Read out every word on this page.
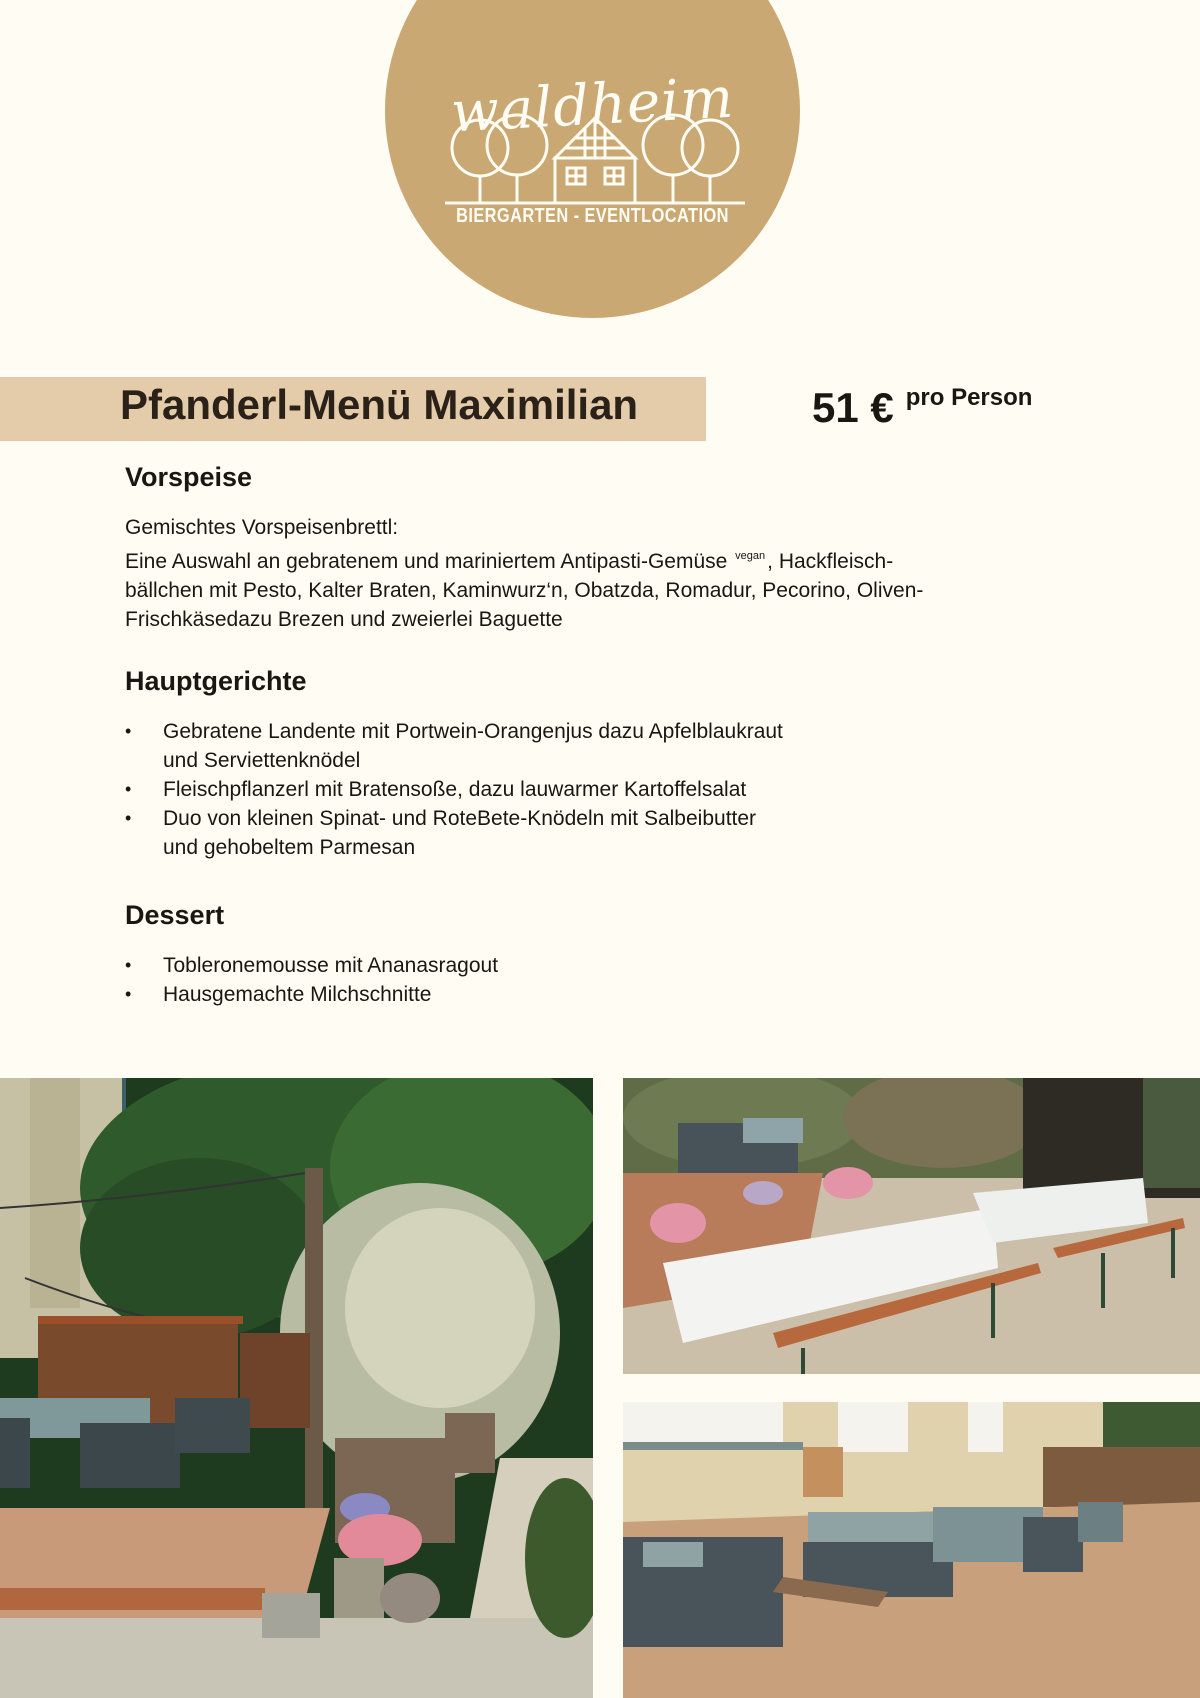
waldheim
BIERGARTEN - EVENTLOCATION
Pfanderl-Menü Maximilian	51 € pro Person
Vorspeise
Gemischtes Vorspeisenbrettl:
Eine Auswahl an gebratenem und mariniertem Antipasti-Gemüse $^{vegan}$, Hackfleisch-
bällchen mit Pesto, Kalter Braten, Kaminwurz‘n, Obatzda, Romadur, Pecorino, Oliven-
Frischkäsedazu Brezen und zweierlei Baguette
Hauptgerichte
• Gebratene Landente mit Portwein-Orangenjus dazu Apfelblaukraut
und Serviettenknödel
• Fleischpflanzerl mit Bratensoße, dazu lauwarmer Kartoffelsalat
• Duo von kleinen Spinat- und RoteBete-Knödeln mit Salbeibutter
und gehobeltem Parmesan
Dessert
• Tobleronemousse mit Ananasragout
• Hausgemachte Milchschnitte
